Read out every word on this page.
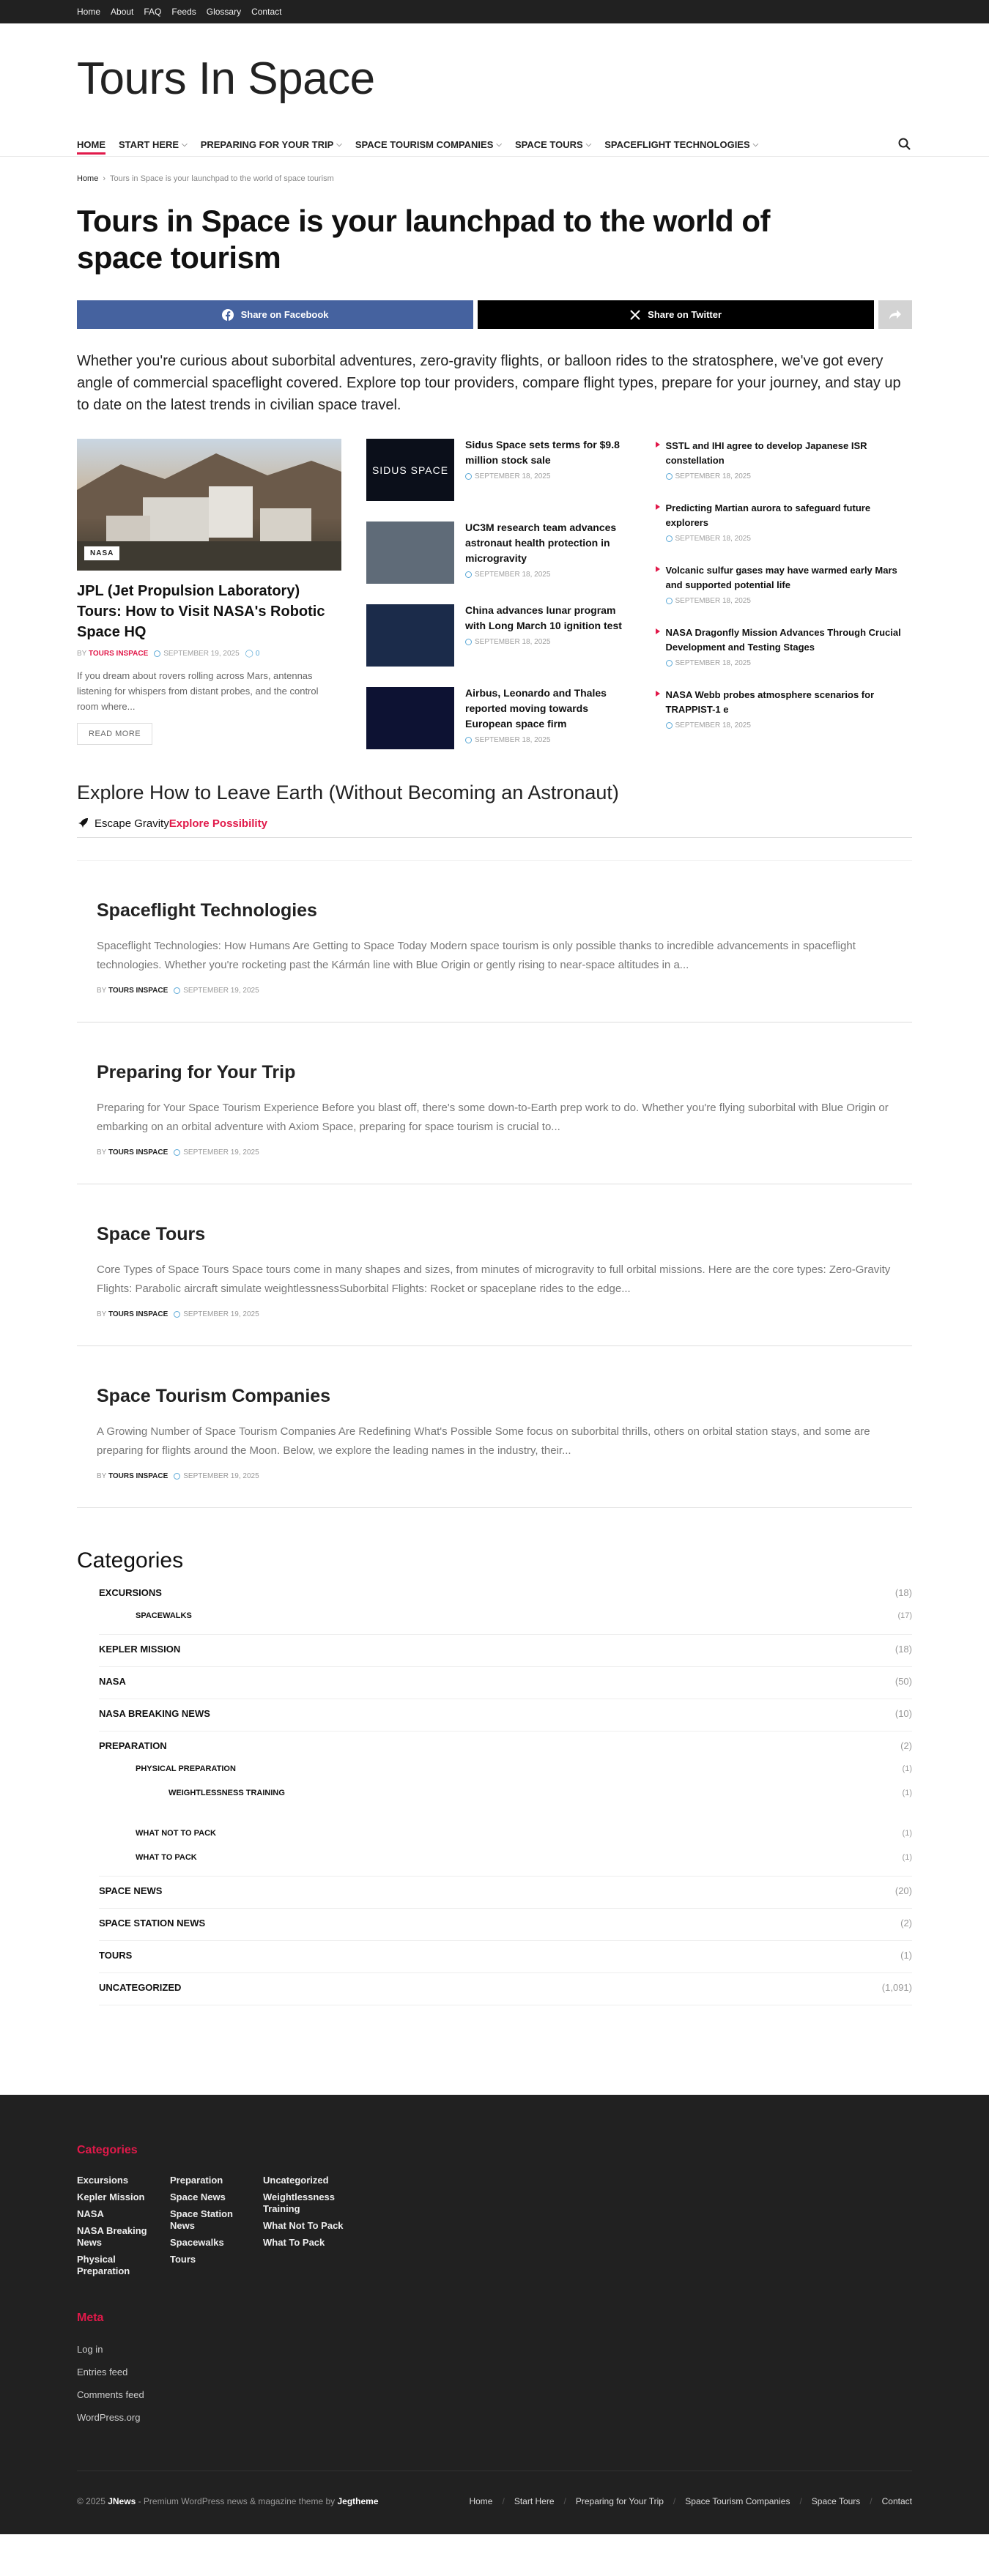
Home About FAQ Feeds Glossary Contact
Tours In Space
HOME START HERE ⌵ PREPARING FOR YOUR TRIP ⌵ SPACE TOURISM COMPANIES ⌵ SPACE TOURS ⌵ SPACEFLIGHT TECHNOLOGIES ⌵
Home › Tours in Space is your launchpad to the world of space tourism
Tours in Space is your launchpad to the world of space tourism
Share on Facebook	Share on Twitter

Whether you're curious about suborbital adventures, zero-gravity flights, or balloon rides to the stratosphere, we've got every angle of commercial spaceflight covered. Explore top tour providers, compare flight types, prepare for your journey, and stay up to date on the latest trends in civilian space travel.

NASA
JPL (Jet Propulsion Laboratory) Tours: How to Visit NASA's Robotic Space HQ
BY TOURS INSPACE SEPTEMBER 19, 2025 ◯ 0

If you dream about rovers rolling across Mars, antennas listening for whispers from distant probes, and the control room where...

READ MORE
SIDUS SPACE
Sidus Space sets terms for $9.8 million stock sale
SEPTEMBER 18, 2025
UC3M research team advances astronaut health protection in microgravity
SEPTEMBER 18, 2025
China advances lunar program with Long March 10 ignition test
SEPTEMBER 18, 2025
Airbus, Leonardo and Thales reported moving towards European space firm
SEPTEMBER 18, 2025
SSTL and IHI agree to develop Japanese ISR constellation
SEPTEMBER 18, 2025
Predicting Martian aurora to safeguard future explorers
SEPTEMBER 18, 2025
Volcanic sulfur gases may have warmed early Mars and supported potential life
SEPTEMBER 18, 2025
NASA Dragonfly Mission Advances Through Crucial Development and Testing Stages
SEPTEMBER 18, 2025
NASA Webb probes atmosphere scenarios for TRAPPIST-1 e
SEPTEMBER 18, 2025
Explore How to Leave Earth (Without Becoming an Astronaut)
Escape Gravity Explore Possibility
Spaceflight Technologies

Spaceflight Technologies: How Humans Are Getting to Space Today Modern space tourism is only possible thanks to incredible advancements in spaceflight technologies. Whether you're rocketing past the Kármán line with Blue Origin or gently rising to near-space altitudes in a...

BY TOURS INSPACE SEPTEMBER 19, 2025
Preparing for Your Trip

Preparing for Your Space Tourism Experience Before you blast off, there's some down-to-Earth prep work to do. Whether you're flying suborbital with Blue Origin or embarking on an orbital adventure with Axiom Space, preparing for space tourism is crucial to...

BY TOURS INSPACE SEPTEMBER 19, 2025
Space Tours

Core Types of Space Tours Space tours come in many shapes and sizes, from minutes of microgravity to full orbital missions. Here are the core types: Zero-Gravity Flights: Parabolic aircraft simulate weightlessnessSuborbital Flights: Rocket or spaceplane rides to the edge...

BY TOURS INSPACE SEPTEMBER 19, 2025
Space Tourism Companies

A Growing Number of Space Tourism Companies Are Redefining What's Possible Some focus on suborbital thrills, others on orbital station stays, and some are preparing for flights around the Moon. Below, we explore the leading names in the industry, their...

BY TOURS INSPACE SEPTEMBER 19, 2025
Categories
EXCURSIONS	(18)
SPACEWALKS	(17)
KEPLER MISSION	(18)
NASA	(50)
NASA BREAKING NEWS	(10)
PREPARATION	(2)
PHYSICAL PREPARATION	(1)
WEIGHTLESSNESS TRAINING	(1)
WHAT NOT TO PACK	(1)
WHAT TO PACK	(1)
SPACE NEWS	(20)
SPACE STATION NEWS	(2)
TOURS	(1)
UNCATEGORIZED	(1,091)
Categories
Excursions
Kepler Mission
NASA
NASA Breaking News
Physical Preparation
Preparation
Space News
Space Station News
Spacewalks
Tours
Uncategorized
Weightlessness Training
What Not To Pack
What To Pack
Meta
Log in
Entries feed
Comments feed
WordPress.org
© 2025 JNews - Premium WordPress news & magazine theme by Jegtheme	Home / Start Here / Preparing for Your Trip / Space Tourism Companies / Space Tours / Contact
